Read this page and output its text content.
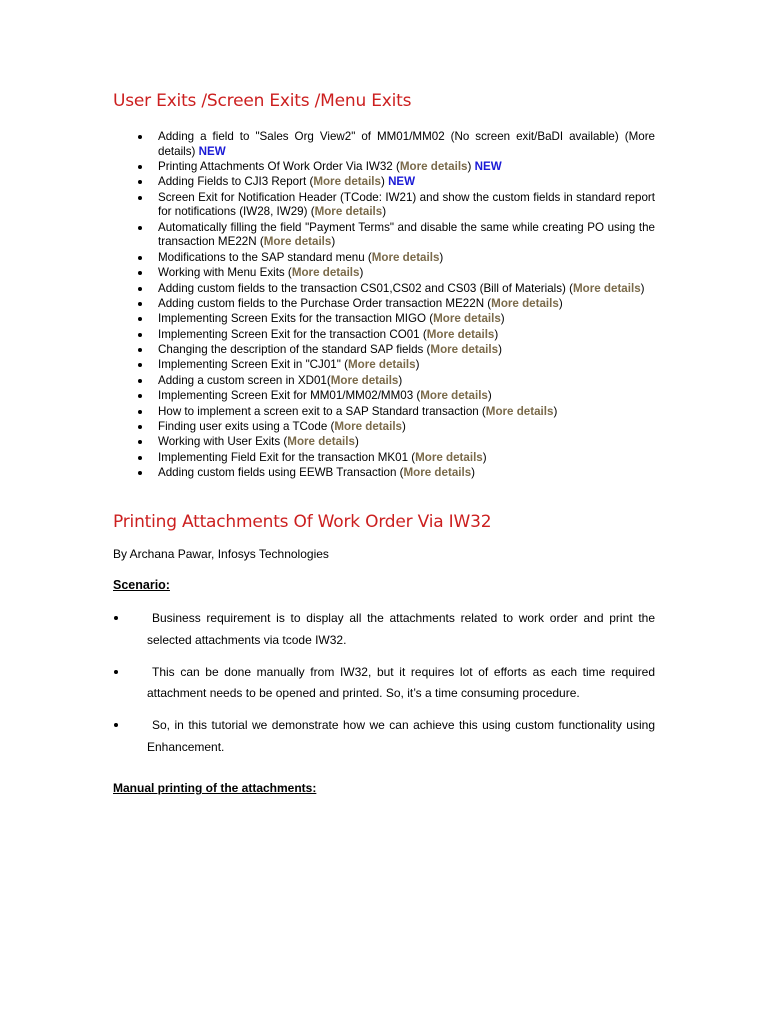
User Exits /Screen Exits /Menu Exits
Adding a field to "Sales Org View2" of MM01/MM02 (No screen exit/BaDI available) (More details) NEW
Printing Attachments Of Work Order Via IW32 (More details) NEW
Adding Fields to CJI3 Report (More details) NEW
Screen Exit for Notification Header (TCode: IW21) and show the custom fields in standard report for notifications (IW28, IW29) (More details)
Automatically filling the field "Payment Terms" and disable the same while creating PO using the transaction ME22N (More details)
Modifications to the SAP standard menu (More details)
Working with Menu Exits (More details)
Adding custom fields to the transaction CS01,CS02 and CS03 (Bill of Materials) (More details)
Adding custom fields to the Purchase Order transaction ME22N (More details)
Implementing Screen Exits for the transaction MIGO (More details)
Implementing Screen Exit for the transaction CO01 (More details)
Changing the description of the standard SAP fields (More details)
Implementing Screen Exit in "CJ01" (More details)
Adding a custom screen in XD01(More details)
Implementing Screen Exit for MM01/MM02/MM03 (More details)
How to implement a screen exit to a SAP Standard transaction (More details)
Finding user exits using a TCode (More details)
Working with User Exits (More details)
Implementing Field Exit for the transaction MK01 (More details)
Adding custom fields using EEWB Transaction (More details)
Printing Attachments Of Work Order Via IW32
By Archana Pawar, Infosys Technologies
Scenario:
Business requirement is to display all the attachments related to work order and print the selected attachments via tcode IW32.
This can be done manually from IW32, but it requires lot of efforts as each time required attachment needs to be opened and printed. So, it’s a time consuming procedure.
So, in this tutorial we demonstrate how we can achieve this using custom functionality using Enhancement.
Manual printing of the attachments:
